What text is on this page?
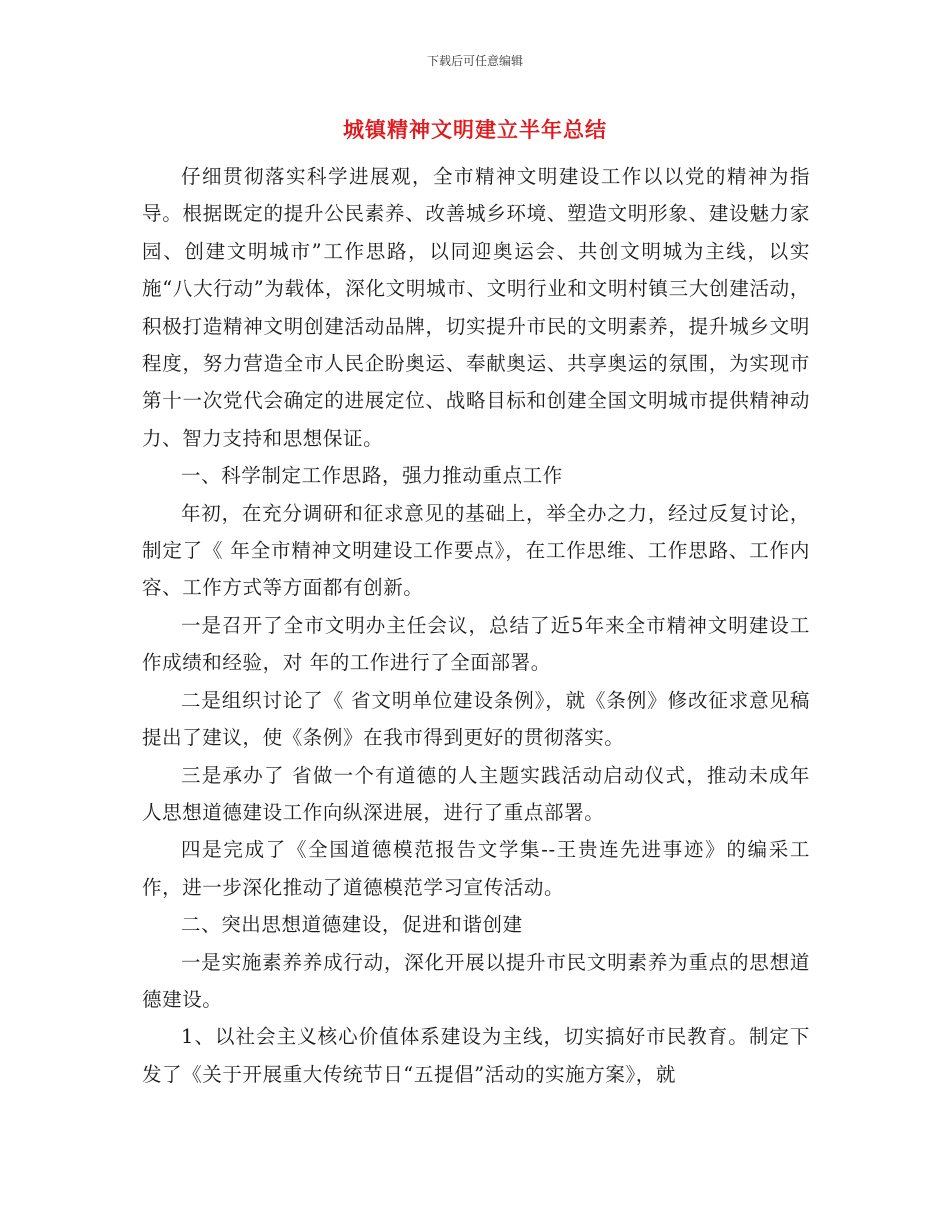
下载后可任意编辑
城镇精神文明建立半年总结

仔细贯彻落实科学进展观，全市精神文明建设工作以以党的精神为指导。根据既定的提升公民素养、改善城乡环境、塑造文明形象、建设魅力家园、创建文明城市”工作思路，以同迎奥运会、共创文明城为主线，以实施“八大行动”为载体，深化文明城市、文明行业和文明村镇三大创建活动，积极打造精神文明创建活动品牌，切实提升市民的文明素养，提升城乡文明程度，努力营造全市人民企盼奥运、奉献奥运、共享奥运的氛围，为实现市第十一次党代会确定的进展定位、战略目标和创建全国文明城市提供精神动力、智力支持和思想保证。

一、科学制定工作思路，强力推动重点工作

年初，在充分调研和征求意见的基础上，举全办之力，经过反复讨论，制定了《 年全市精神文明建设工作要点》，在工作思维、工作思路、工作内容、工作方式等方面都有创新。

一是召开了全市文明办主任会议，总结了近5年来全市精神文明建设工作成绩和经验，对 年的工作进行了全面部署。

二是组织讨论了《 省文明单位建设条例》，就《条例》修改征求意见稿提出了建议，使《条例》在我市得到更好的贯彻落实。

三是承办了 省做一个有道德的人主题实践活动启动仪式，推动未成年人思想道德建设工作向纵深进展，进行了重点部署。

四是完成了《全国道德模范报告文学集--王贵连先进事迹》的编采工作，进一步深化推动了道德模范学习宣传活动。

二、突出思想道德建设，促进和谐创建

一是实施素养养成行动，深化开展以提升市民文明素养为重点的思想道德建设。

1、以社会主义核心价值体系建设为主线，切实搞好市民教育。制定下发了《关于开展重大传统节日“五提倡”活动的实施方案》，就
